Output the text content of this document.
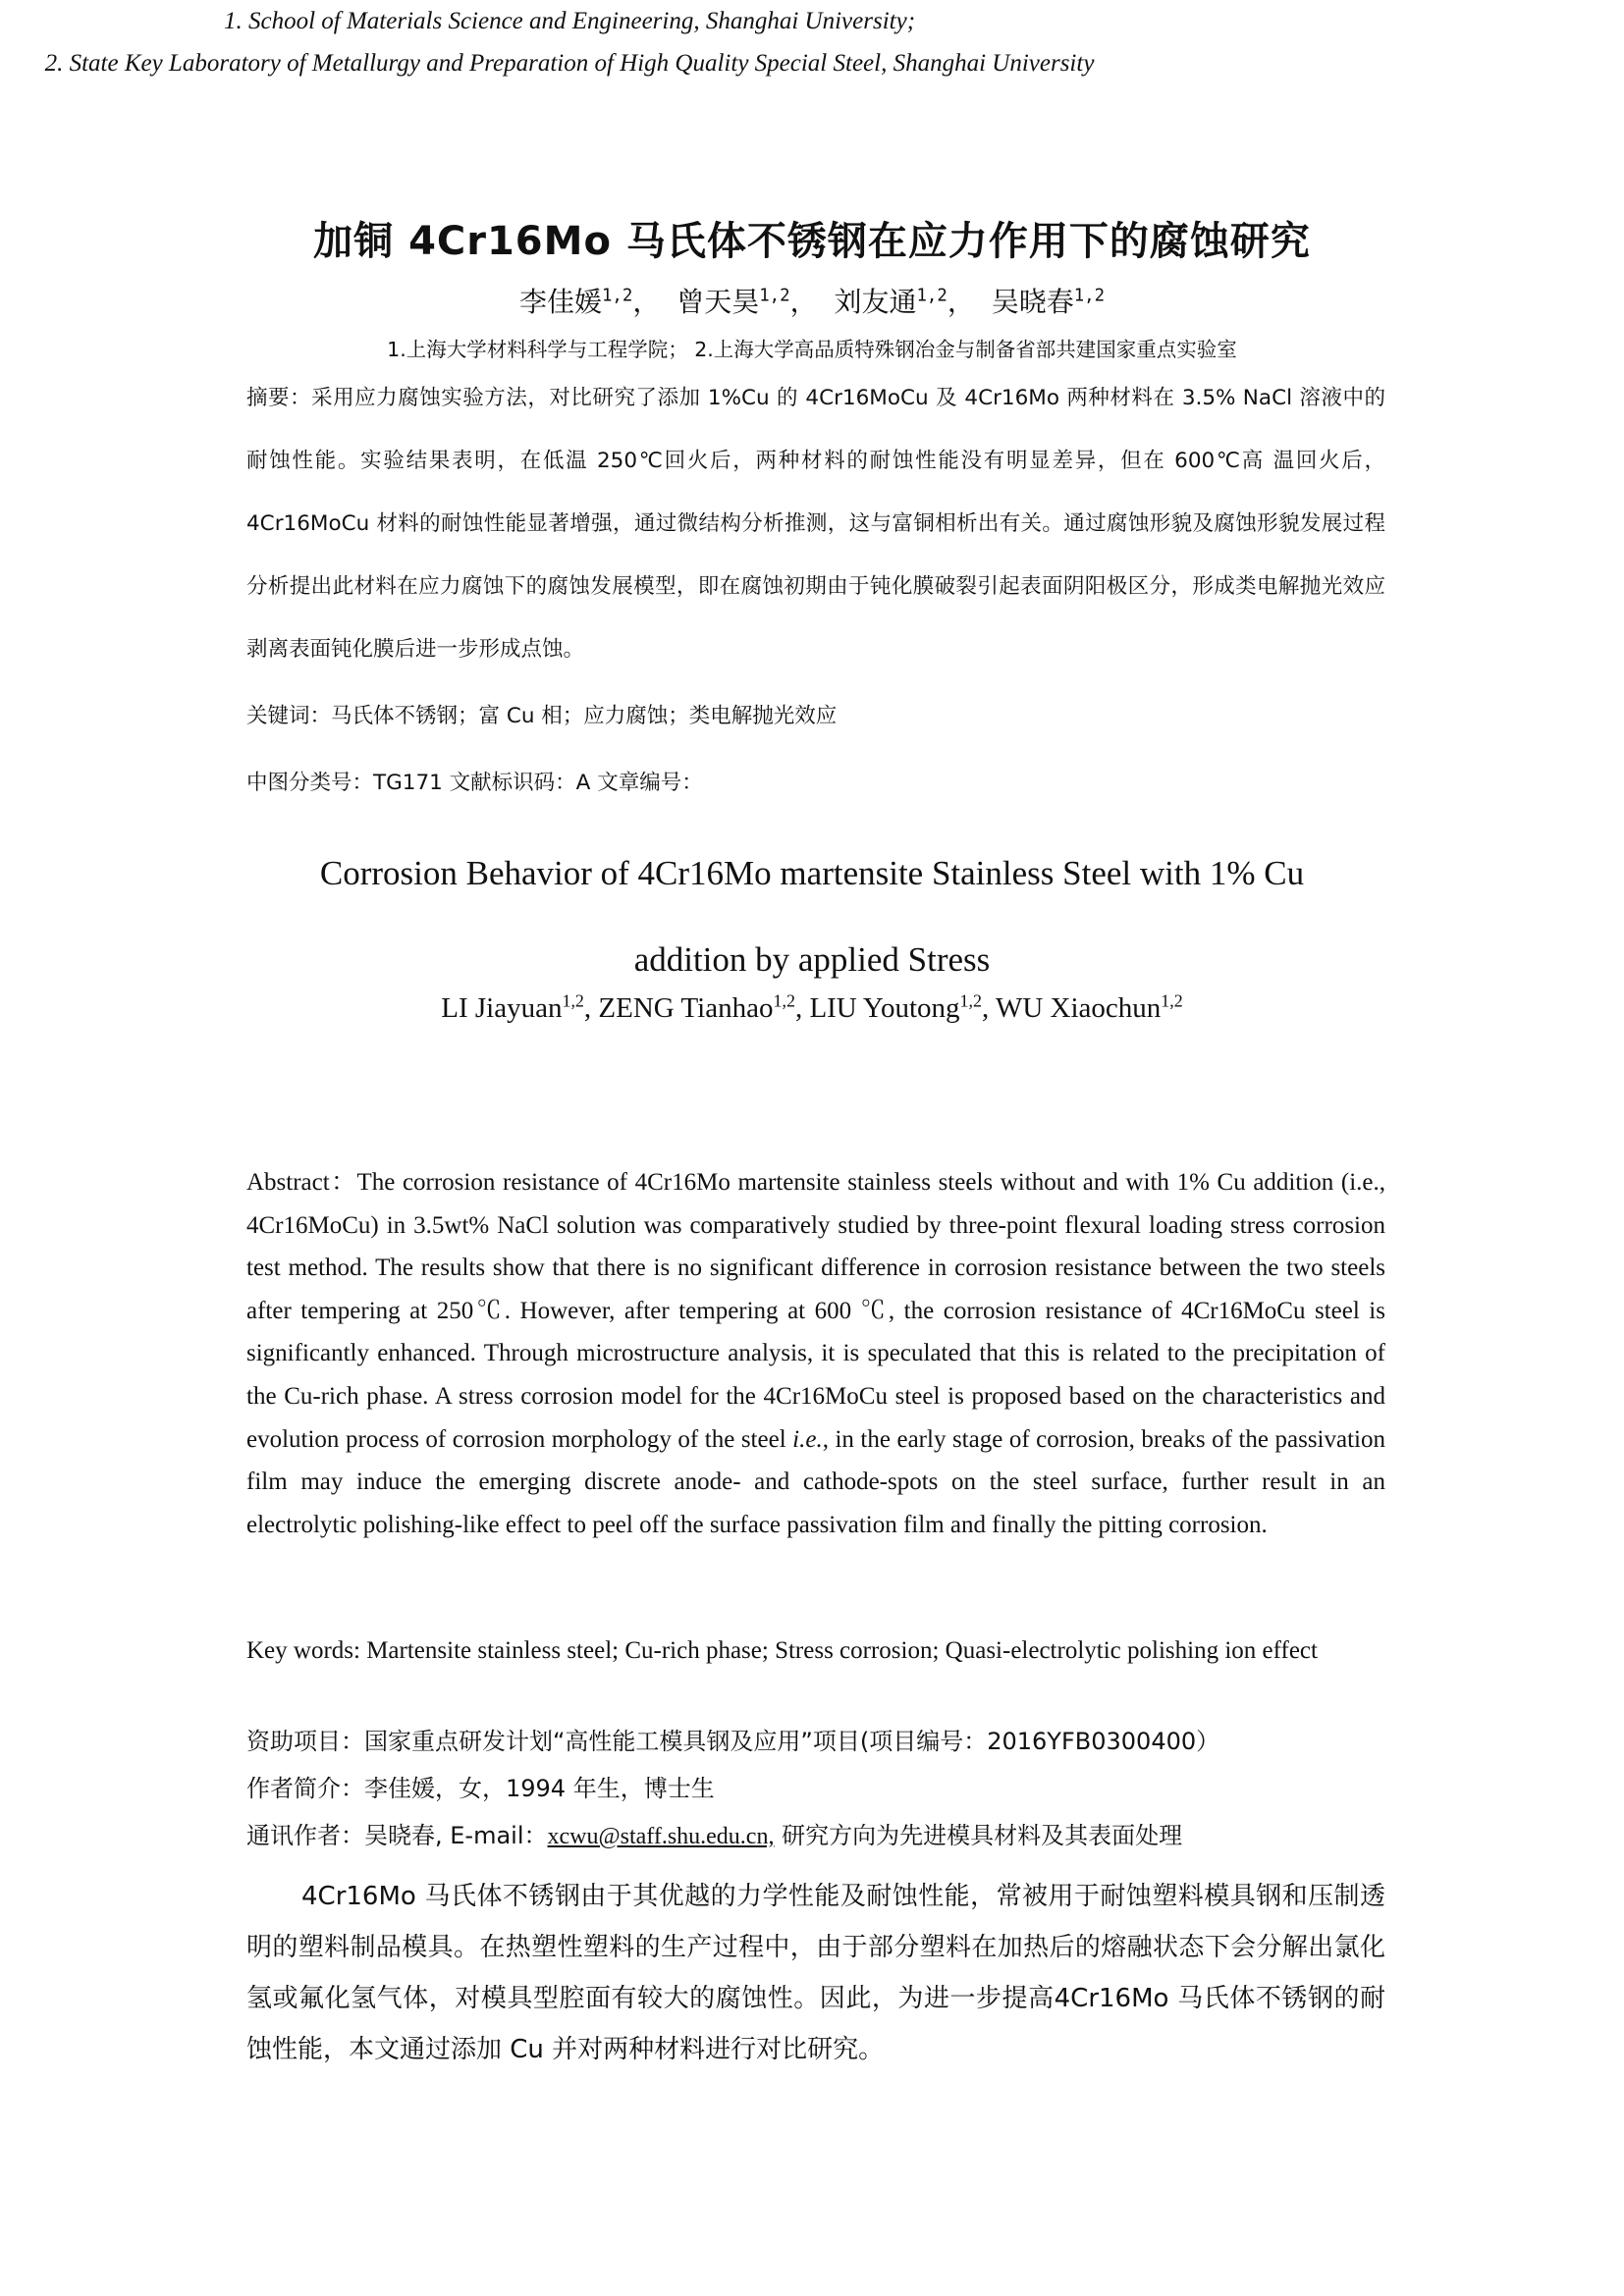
加铜 4Cr16Mo 马氏体不锈钢在应力作用下的腐蚀研究
李佳媛$^{1,2}$， 曾天昊$^{1,2}$， 刘友通$^{1,2}$， 吴晓春$^{1,2}$
1.上海大学材料科学与工程学院； 2.上海大学高品质特殊钢冶金与制备省部共建国家重点实验室
摘要：采用应力腐蚀实验方法，对比研究了添加 1%Cu 的 4Cr16MoCu 及 4Cr16Mo 两种材料在 3.5% NaCl 溶液中的耐蚀性能。实验结果表明，在低温 250℃回火后，两种材料的耐蚀性能没有明显差异，但在 600℃高 温回火后，4Cr16MoCu 材料的耐蚀性能显著增强，通过微结构分析推测，这与富铜相析出有关。通过腐蚀形貌及腐蚀形貌发展过程分析提出此材料在应力腐蚀下的腐蚀发展模型，即在腐蚀初期由于钝化膜破裂引起表面阴阳极区分，形成类电解抛光效应剥离表面钝化膜后进一步形成点蚀。
关键词：马氏体不锈钢；富 Cu 相；应力腐蚀；类电解抛光效应
中图分类号：TG171 文献标识码：A 文章编号：
Corrosion Behavior of 4Cr16Mo martensite Stainless Steel with 1% Cu
addition by applied Stress
LI Jiayuan$^{1,2}$, ZENG Tianhao$^{1,2}$, LIU Youtong$^{1,2}$, WU Xiaochun$^{1,2}$
1. School of Materials Science and Engineering, Shanghai University;
2. State Key Laboratory of Metallurgy and Preparation of High Quality Special Steel, Shanghai University
Abstract：The corrosion resistance of 4Cr16Mo martensite stainless steels without and with 1% Cu addition (i.e., 4Cr16MoCu) in 3.5wt% NaCl solution was comparatively studied by three-point flexural loading stress corrosion test method. The results show that there is no significant difference in corrosion resistance between the two steels after tempering at 250℃. However, after tempering at 600 ℃, the corrosion resistance of 4Cr16MoCu steel is significantly enhanced. Through microstructure analysis, it is speculated that this is related to the precipitation of the Cu-rich phase. A stress corrosion model for the 4Cr16MoCu steel is proposed based on the characteristics and evolution process of corrosion morphology of the steel i.e., in the early stage of corrosion, breaks of the passivation film may induce the emerging discrete anode- and cathode-spots on the steel surface, further result in an electrolytic polishing-like effect to peel off the surface passivation film and finally the pitting corrosion.
Key words: Martensite stainless steel; Cu-rich phase; Stress corrosion; Quasi-electrolytic polishing ion effect
资助项目：国家重点研发计划“高性能工模具钢及应用”项目(项目编号：2016YFB0300400）
作者简介：李佳媛，女，1994 年生，博士生
通讯作者：吴晓春, E-mail：xcwu@staff.shu.edu.cn, 研究方向为先进模具材料及其表面处理
4Cr16Mo 马氏体不锈钢由于其优越的力学性能及耐蚀性能，常被用于耐蚀塑料模具钢和压制透明的塑料制品模具。在热塑性塑料的生产过程中，由于部分塑料在加热后的熔融状态下会分解出氯化氢或氟化氢气体，对模具型腔面有较大的腐蚀性。因此，为进一步提高4Cr16Mo 马氏体不锈钢的耐蚀性能，本文通过添加 Cu 并对两种材料进行对比研究。
